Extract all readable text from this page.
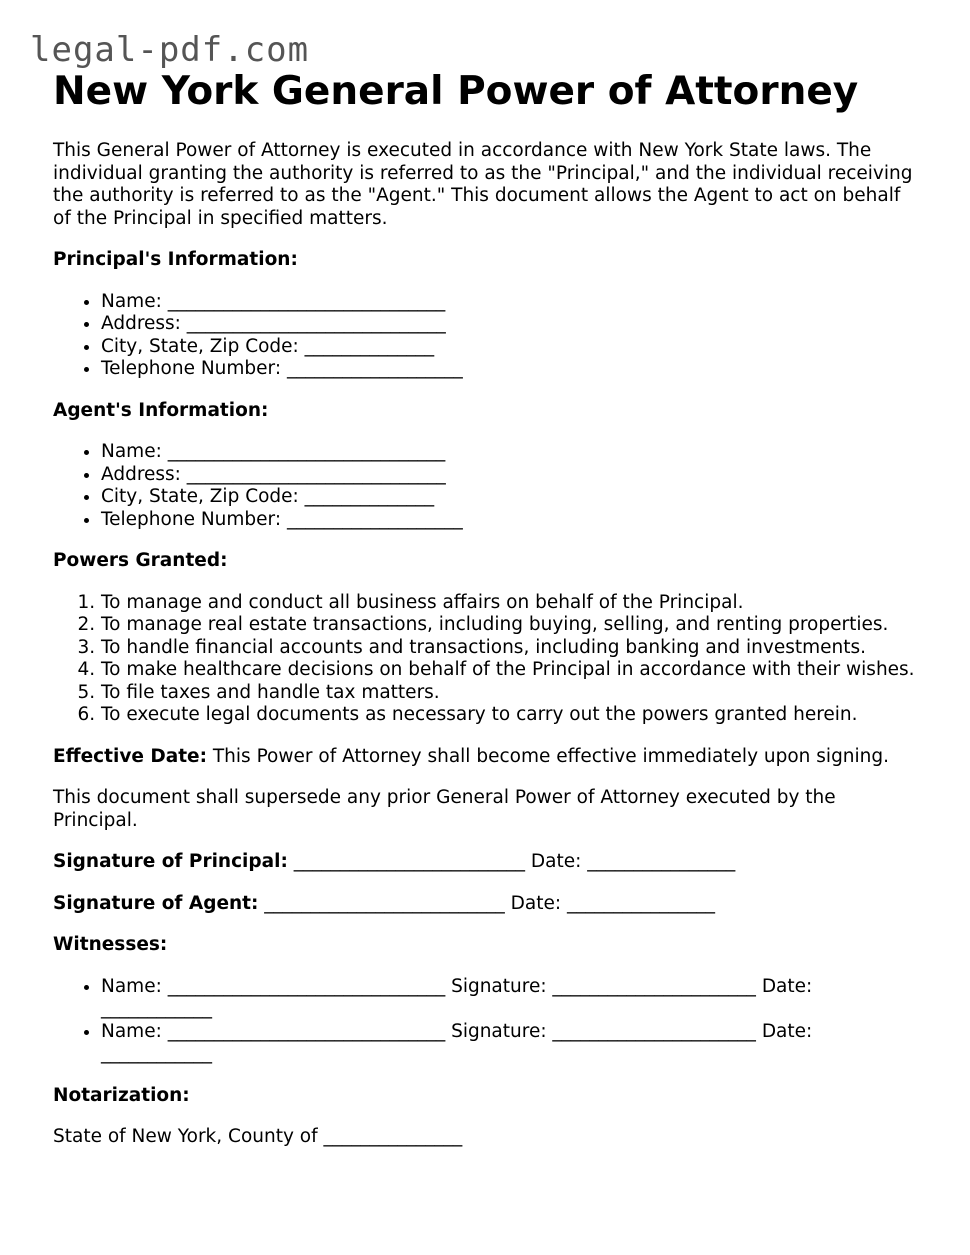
legal-pdf.com
New York General Power of Attorney

This General Power of Attorney is executed in accordance with New York State laws. The individual granting the authority is referred to as the "Principal," and the individual receiving the authority is referred to as the "Agent." This document allows the Agent to act on behalf of the Principal in specified matters.

Principal's Information:

• Name: ______________________________
• Address: ____________________________
• City, State, Zip Code: ______________
• Telephone Number: ___________________

Agent's Information:

• Name: ______________________________
• Address: ____________________________
• City, State, Zip Code: ______________
• Telephone Number: ___________________

Powers Granted:

1. To manage and conduct all business affairs on behalf of the Principal.
2. To manage real estate transactions, including buying, selling, and renting properties.
3. To handle financial accounts and transactions, including banking and investments.
4. To make healthcare decisions on behalf of the Principal in accordance with their wishes.
5. To file taxes and handle tax matters.
6. To execute legal documents as necessary to carry out the powers granted herein.

Effective Date: This Power of Attorney shall become effective immediately upon signing.

This document shall supersede any prior General Power of Attorney executed by the Principal.

Signature of Principal: _________________________ Date: ________________

Signature of Agent: __________________________ Date: ________________

Witnesses:

• Name: ______________________________ Signature: ______________________ Date: ____________
• Name: ______________________________ Signature: ______________________ Date: ____________

Notarization:

State of New York, County of _______________
